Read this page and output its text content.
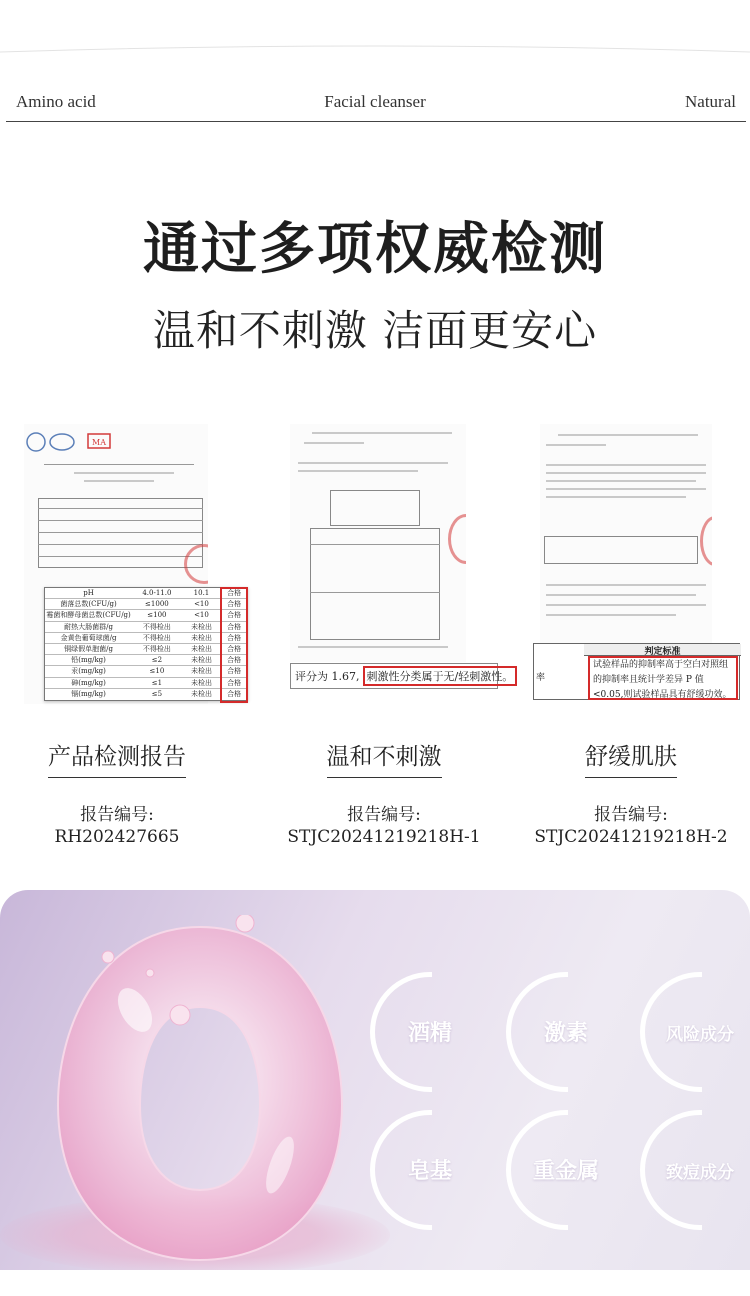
Amino acid	Facial cleanser	Natural
通过多项权威检测
温和不刺激 洁面更安心
MA
pH	4.0-11.0	10.1	合格
菌落总数(CFU/g)	≤1000	<10	合格
霉菌和酵母菌总数(CFU/g)	≤100	<10	合格
耐热大肠菌群/g	不得检出	未检出	合格
金黄色葡萄球菌/g	不得检出	未检出	合格
铜绿假单胞菌/g	不得检出	未检出	合格
铅(mg/kg)	≤2	未检出	合格
汞(mg/kg)	≤10	未检出	合格
砷(mg/kg)	≤1	未检出	合格
镉(mg/kg)	≤5	未检出	合格
评分为 1.67, 刺激性分类属于无/轻刺激性。
判定标准
率
试验样品的抑制率高于空白对照组的抑制率且统计学差异 P 值<0.05,则试验样品具有舒缓功效。
产品检测报告
报告编号:
RH202427665
温和不刺激
报告编号:
STJC20241219218H-1
舒缓肌肤
报告编号:
STJC20241219218H-2
酒精	激素	风险成分
皂基	重金属	致痘成分
